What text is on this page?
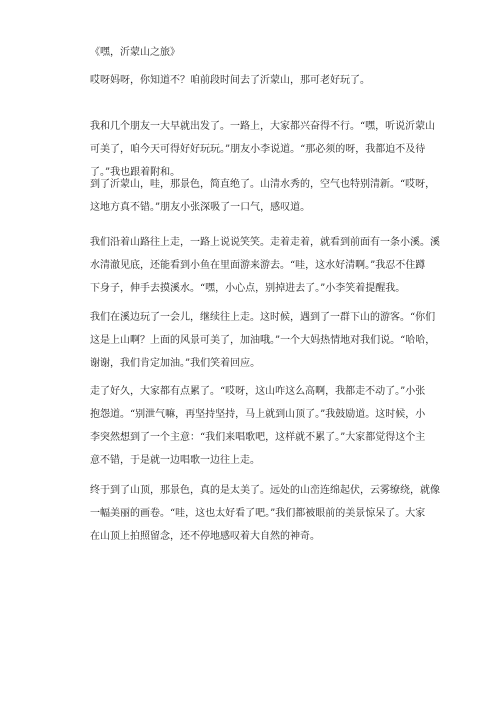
《嘿，沂蒙山之旅》
哎呀妈呀，你知道不？咱前段时间去了沂蒙山，那可老好玩了。
我和几个朋友一大早就出发了。一路上，大家都兴奋得不行。“嘿，听说沂蒙山
可美了，咱今天可得好好玩玩。”朋友小李说道。“那必须的呀，我都迫不及待
了。”我也跟着附和。
到了沂蒙山，哇，那景色，简直绝了。山清水秀的，空气也特别清新。“哎呀，
这地方真不错。”朋友小张深吸了一口气，感叹道。
我们沿着山路往上走，一路上说说笑笑。走着走着，就看到前面有一条小溪。溪
水清澈见底，还能看到小鱼在里面游来游去。“哇，这水好清啊。”我忍不住蹲
下身子，伸手去摸溪水。“嘿，小心点，别掉进去了。”小李笑着提醒我。
我们在溪边玩了一会儿，继续往上走。这时候，遇到了一群下山的游客。“你们
这是上山啊？上面的风景可美了，加油哦。”一个大妈热情地对我们说。“哈哈，
谢谢，我们肯定加油。”我们笑着回应。
走了好久，大家都有点累了。“哎呀，这山咋这么高啊，我都走不动了。”小张
抱怨道。“别泄气嘛，再坚持坚持，马上就到山顶了。”我鼓励道。这时候，小
李突然想到了一个主意：“我们来唱歌吧，这样就不累了。”大家都觉得这个主
意不错，于是就一边唱歌一边往上走。
终于到了山顶，那景色，真的是太美了。远处的山峦连绵起伏，云雾缭绕，就像
一幅美丽的画卷。“哇，这也太好看了吧。”我们都被眼前的美景惊呆了。大家
在山顶上拍照留念，还不停地感叹着大自然的神奇。
